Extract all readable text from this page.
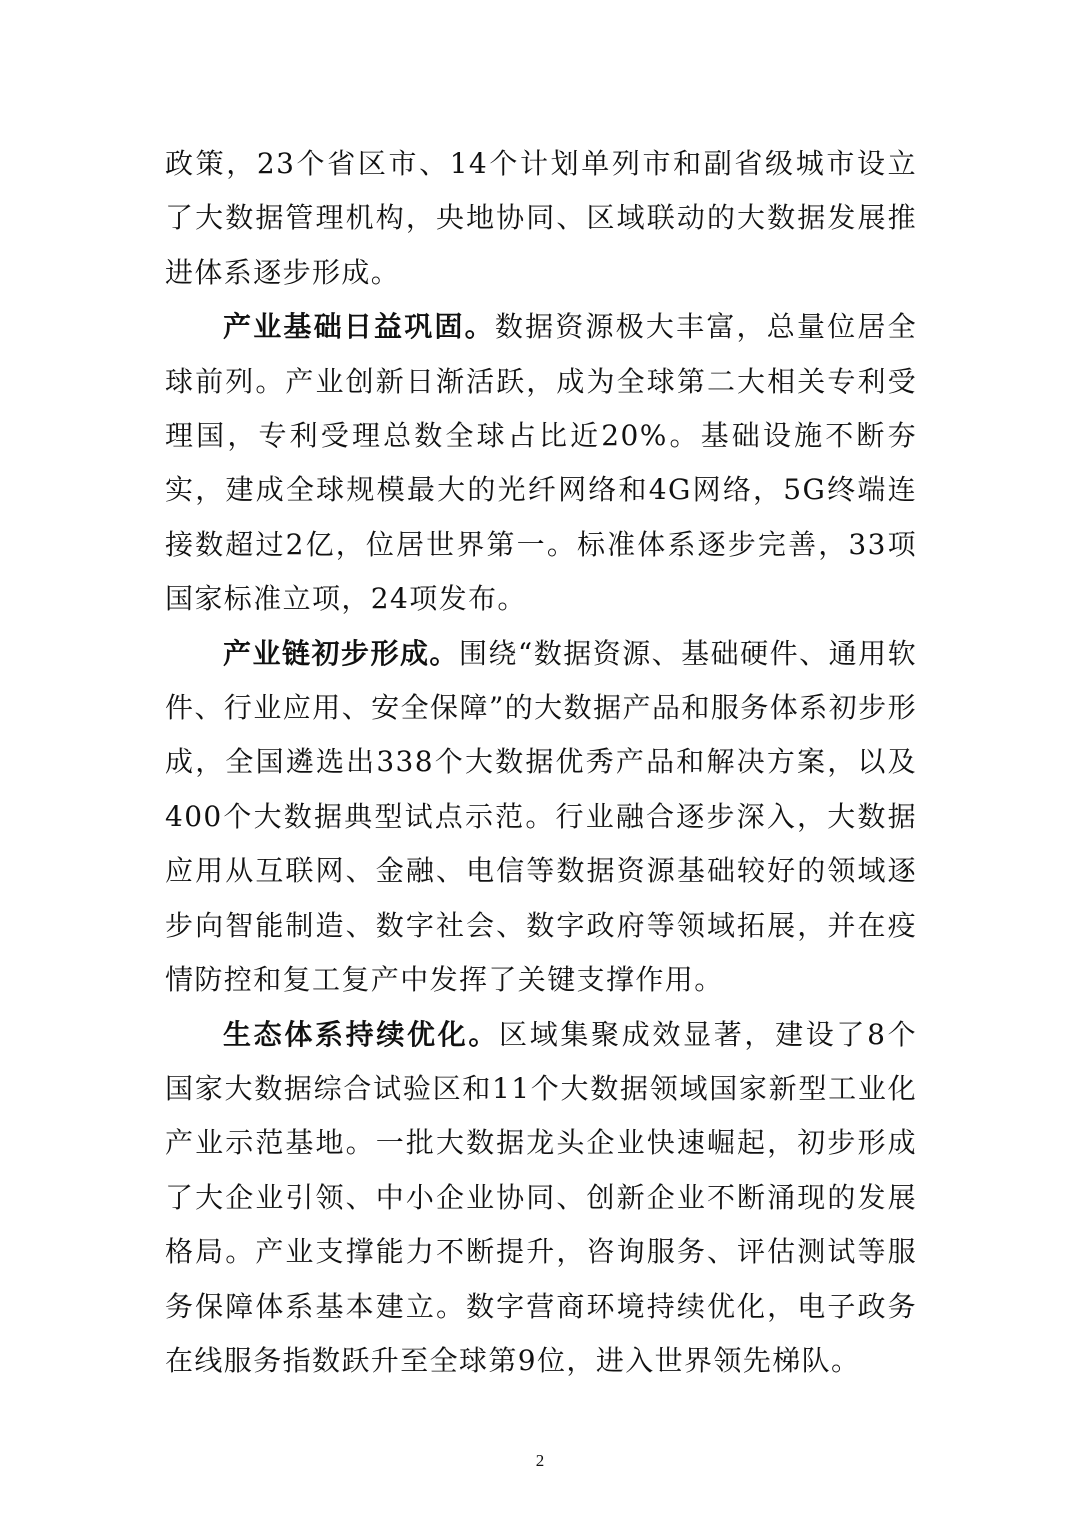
政策，23个省区市、14个计划单列市和副省级城市设立了大数据管理机构，央地协同、区域联动的大数据发展推进体系逐步形成。

产业基础日益巩固。数据资源极大丰富，总量位居全球前列。产业创新日渐活跃，成为全球第二大相关专利受理国，专利受理总数全球占比近20%。基础设施不断夯实，建成全球规模最大的光纤网络和4G网络，5G终端连接数超过2亿，位居世界第一。标准体系逐步完善，33项国家标准立项，24项发布。

产业链初步形成。围绕“数据资源、基础硬件、通用软件、行业应用、安全保障”的大数据产品和服务体系初步形成，全国遴选出338个大数据优秀产品和解决方案，以及400个大数据典型试点示范。行业融合逐步深入，大数据应用从互联网、金融、电信等数据资源基础较好的领域逐步向智能制造、数字社会、数字政府等领域拓展，并在疫情防控和复工复产中发挥了关键支撑作用。

生态体系持续优化。区域集聚成效显著，建设了8个国家大数据综合试验区和11个大数据领域国家新型工业化产业示范基地。一批大数据龙头企业快速崛起，初步形成了大企业引领、中小企业协同、创新企业不断涌现的发展格局。产业支撑能力不断提升，咨询服务、评估测试等服务保障体系基本建立。数字营商环境持续优化，电子政务在线服务指数跃升至全球第9位，进入世界领先梯队。

2
